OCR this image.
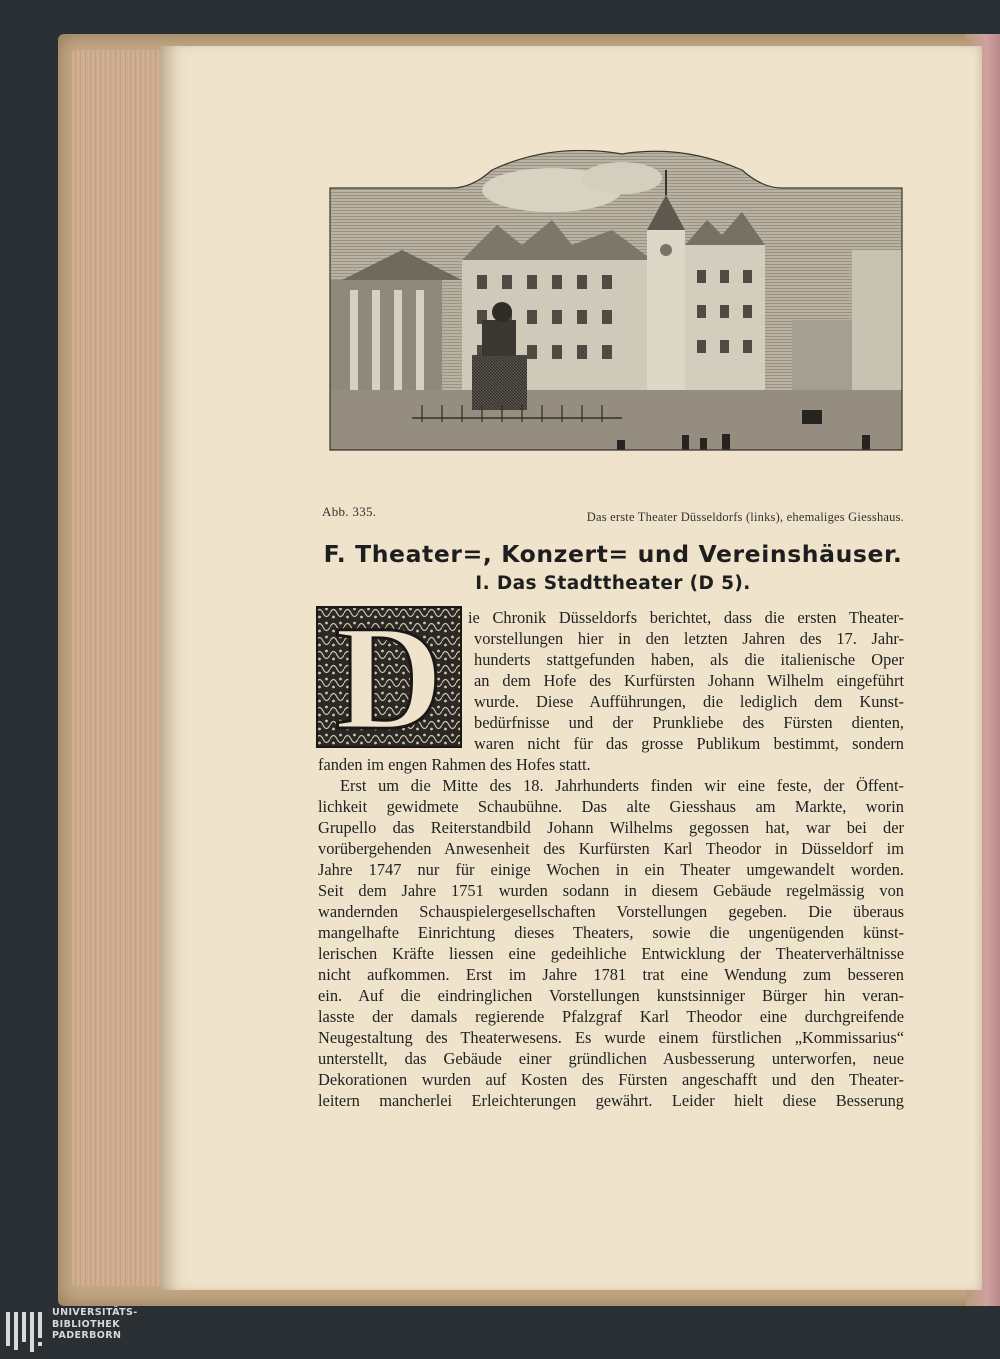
Abb. 335.	Das erste Theater Düsseldorfs (links), ehemaliges Giesshaus.
F. Theater=, Konzert= und Vereinshäuser.
I. Das Stadttheater (D 5).
D ie Chronik Düsseldorfs berichtet, dass die ersten Theater-
vorstellungen hier in den letzten Jahren des 17. Jahr-
hunderts stattgefunden haben, als die italienische Oper
an dem Hofe des Kurfürsten Johann Wilhelm eingeführt
wurde. Diese Aufführungen, die lediglich dem Kunst-
bedürfnisse und der Prunkliebe des Fürsten dienten,
waren nicht für das grosse Publikum bestimmt, sondern
fanden im engen Rahmen des Hofes statt.
Erst um die Mitte des 18. Jahrhunderts finden wir eine feste, der Öffent-
lichkeit gewidmete Schaubühne. Das alte Giesshaus am Markte, worin
Grupello das Reiterstandbild Johann Wilhelms gegossen hat, war bei der
vorübergehenden Anwesenheit des Kurfürsten Karl Theodor in Düsseldorf im
Jahre 1747 nur für einige Wochen in ein Theater umgewandelt worden.
Seit dem Jahre 1751 wurden sodann in diesem Gebäude regelmässig von
wandernden Schauspielergesellschaften Vorstellungen gegeben. Die überaus
mangelhafte Einrichtung dieses Theaters, sowie die ungenügenden künst-
lerischen Kräfte liessen eine gedeihliche Entwicklung der Theaterverhältnisse
nicht aufkommen. Erst im Jahre 1781 trat eine Wendung zum besseren
ein. Auf die eindringlichen Vorstellungen kunstsinniger Bürger hin veran-
lasste der damals regierende Pfalzgraf Karl Theodor eine durchgreifende
Neugestaltung des Theaterwesens. Es wurde einem fürstlichen „Kommissarius“
unterstellt, das Gebäude einer gründlichen Ausbesserung unterworfen, neue
Dekorationen wurden auf Kosten des Fürsten angeschafft und den Theater-
leitern mancherlei Erleichterungen gewährt. Leider hielt diese Besserung
UNIVERSITÄTS-
BIBLIOTHEK
PADERBORN
